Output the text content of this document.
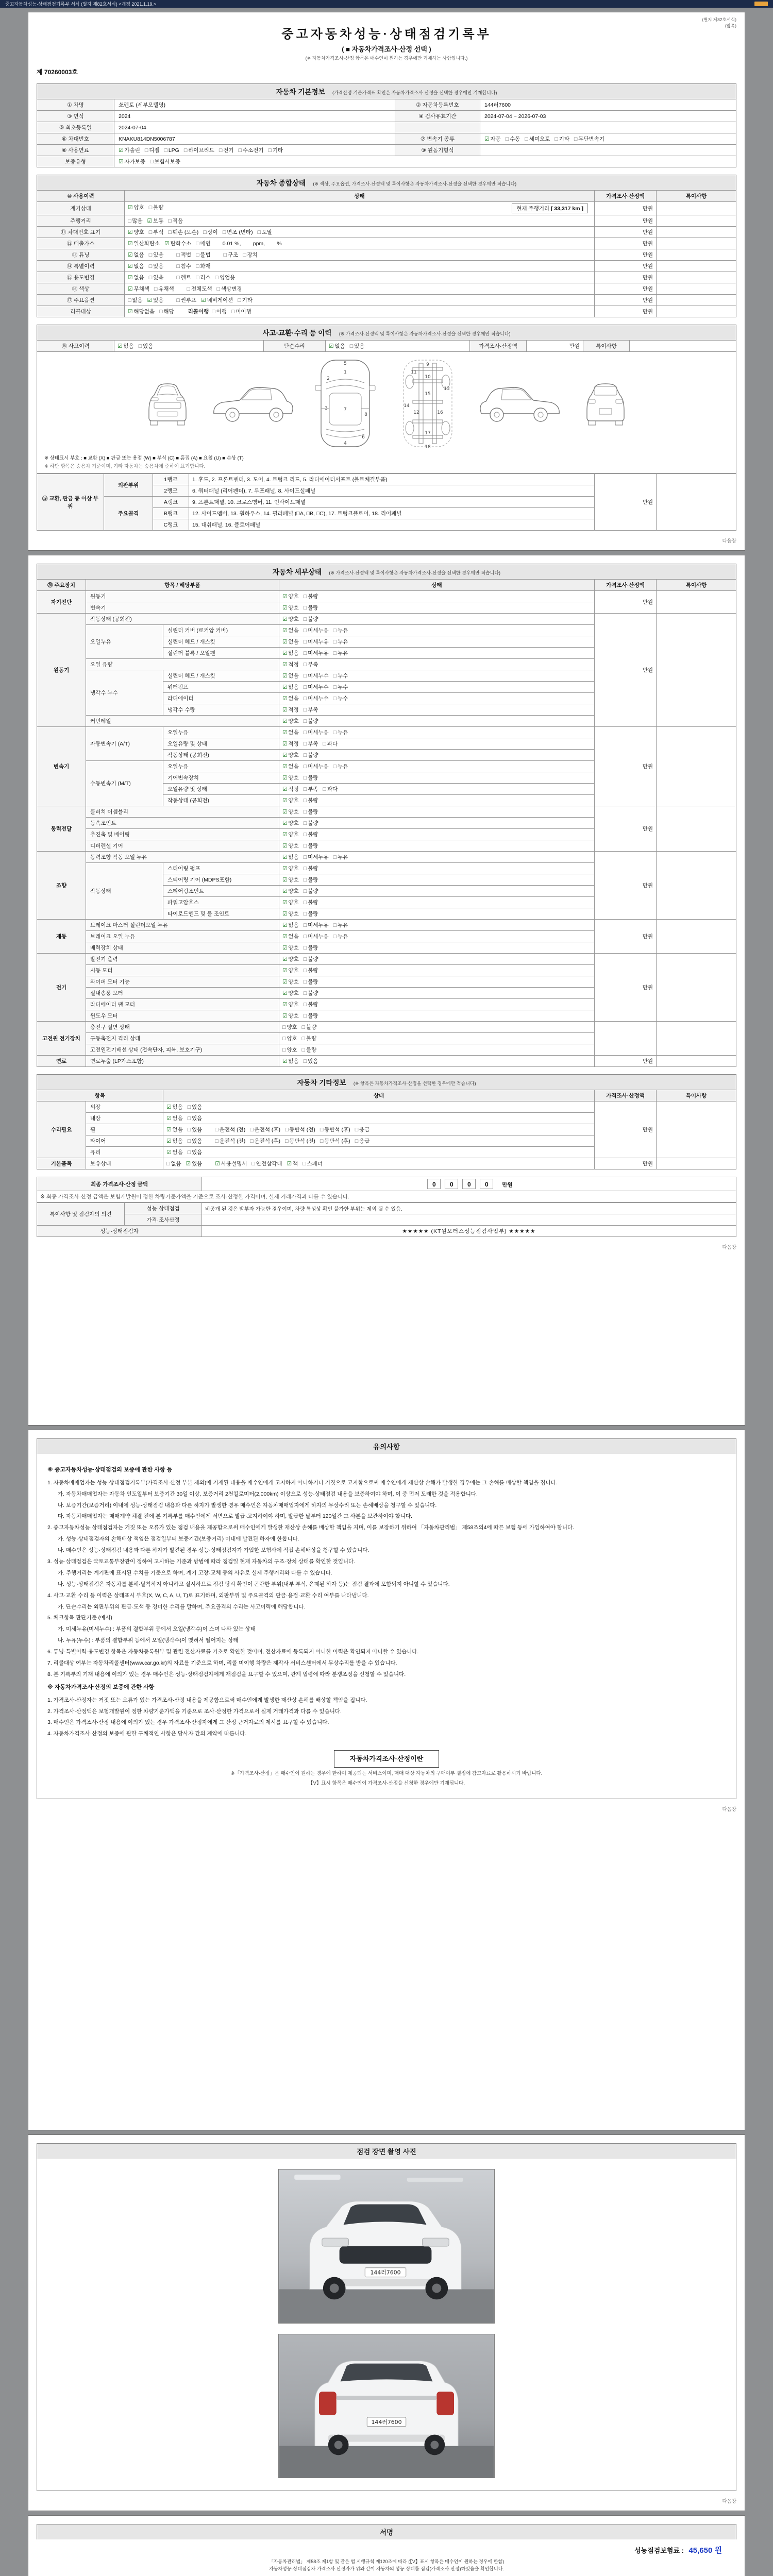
중고자동차성능·상태점검기록부 서식 (별지 제82호서식) <개정 2021.1.19.>
(별지 제82호서식)
(앞쪽)
중고자동차성능·상태점검기록부
( ■ 자동차가격조사·산정 선택 )
(※ 자동차가격조사·산정 항목은 매수인이 원하는 경우에만 기재하는 사항입니다.)
제 70260003호
자동차 기본정보 (가격산정 기준가격표 확인은 자동차가격조사·산정을 선택한 경우에만 기재합니다)
① 차명	쏘렌토 (세부모델명)	② 자동차등록번호	144러7600
③ 연식	2024	④ 검사유효기간	2024-07-04 ~ 2026-07-03
⑤ 최초등록일	2024-07-04		
⑥ 차대번호	KNAKU814DN5006787	⑦ 변속기 종류	☑ 자동 □ 수동 □ 세미오토 □ 기타 □ 무단변속기
⑧ 사용연료	☑ 가솔린 □ 디젤 □ LPG □ 하이브리드 □ 전기 □ 수소전기 □ 기타	⑨ 원동기형식	
보증유형	☑ 자가보증 □ 보험사보증		
자동차 종합상태 (※ 색상, 주요옵션, 가격조사·산정액 및 특이사항은 자동차가격조사·산정을 선택한 경우에만 적습니다)
⑩ 사용이력	상태	가격조사·산정액	특이사항
계기상태	☑ 양호 □ 불량 현재 주행거리 [ 33,317 km ]	만원	
주행거리	□ 많음 ☑ 보통 □ 적음	만원	
⑪ 차대번호 표기	☑ 양호 □ 부식 □ 훼손 (오손) □ 상이 □ 변조 (변타) □ 도말	만원	
⑫ 배출가스	☑ 일산화탄소 ☑ 탄화수소 □ 매연 0.01 %,        ppm,        %	만원	
⑬ 튜닝	☑ 없음 □ 있음 □ 적법 □ 불법 □ 구조 □ 장치	만원	
⑭ 특별이력	☑ 없음 □ 있음 □ 침수 □ 화재	만원	
⑮ 용도변경	☑ 없음 □ 있음 □ 렌트 □ 리스 □ 영업용	만원	
⑯ 색상	☑ 무채색 □ 유채색 □ 전체도색 □ 색상변경	만원	
⑰ 주요옵션	□ 없음 ☑ 있음 □ 썬루프 ☑ 네비게이션 □ 기타	만원	
리콜대상	☑ 해당없음 □ 해당 리콜이행 □ 이행 □ 미이행	만원	
사고·교환·수리 등 이력 (※ 가격조사·산정액 및 특이사항은 자동차가격조사·산정을 선택한 경우에만 적습니다)
⑱ 사고이력	☑ 없음 □ 있음	단순수리	☑ 없음 □ 있음	가격조사·산정액	만원	특이사항	
1
2
3
4
5
6
7
8
9
10
11
12
13
14
15
16
17
18
※ 상태표시 부호 : ■ 교환 (X) ■ 판금 또는 용접 (W) ■ 부식 (C) ■ 흠집 (A) ■ 요철 (U) ■ 손상 (T)
※ 하단 항목은 승용차 기준이며, 기타 자동차는 승용차에 준하여 표기합니다.
⑲ 교환, 판금 등 이상 부위	외판부위	1랭크	1. 후드, 2. 프론트펜더, 3. 도어, 4. 트렁크 리드, 5. 라디에이터서포트 (볼트체결부품)	만원	
		2랭크	6. 쿼터패널 (리어펜더), 7. 루프패널, 8. 사이드실패널		
	주요골격	A랭크	9. 프론트패널, 10. 크로스멤버, 11. 인사이드패널		
		B랭크	12. 사이드멤버, 13. 휠하우스, 14. 필러패널 (□A, □B, □C), 17. 트렁크플로어, 18. 리어패널		
		C랭크	15. 대쉬패널, 16. 플로어패널		
다음장
자동차 세부상태 (※ 가격조사·산정액 및 특이사항은 자동차가격조사·산정을 선택한 경우에만 적습니다)
⑳ 주요장치	항목 / 해당부품		상태	가격조사·산정액	특이사항
자기진단	원동기		☑ 양호 □ 불량	만원	
	변속기		☑ 양호 □ 불량		
원동기	작동상태 (공회전)		☑ 양호 □ 불량	만원	
	오일누유	실린더 커버 (로커암 커버)	☑ 없음 □ 미세누유 □ 누유		
		실린더 헤드 / 개스킷	☑ 없음 □ 미세누유 □ 누유		
		실린더 블록 / 오일팬	☑ 없음 □ 미세누유 □ 누유		
	오일 유량		☑ 적정 □ 부족		
	냉각수 누수	실린더 헤드 / 개스킷	☑ 없음 □ 미세누수 □ 누수		
		워터펌프	☑ 없음 □ 미세누수 □ 누수		
		라디에이터	☑ 없음 □ 미세누수 □ 누수		
		냉각수 수량	☑ 적정 □ 부족		
	커먼레일		☑ 양호 □ 불량		
변속기	자동변속기 (A/T)	오일누유	☑ 없음 □ 미세누유 □ 누유	만원	
		오일유량 및 상태	☑ 적정 □ 부족 □ 과다		
		작동상태 (공회전)	☑ 양호 □ 불량		
	수동변속기 (M/T)	오일누유	☑ 없음 □ 미세누유 □ 누유		
		기어변속장치	☑ 양호 □ 불량		
		오일유량 및 상태	☑ 적정 □ 부족 □ 과다		
		작동상태 (공회전)	☑ 양호 □ 불량		
동력전달	클러치 어셈블리		☑ 양호 □ 불량	만원	
	등속조인트		☑ 양호 □ 불량		
	추진축 및 베어링		☑ 양호 □ 불량		
	디퍼렌셜 기어		☑ 양호 □ 불량		
조향	동력조향 작동 오일 누유		☑ 없음 □ 미세누유 □ 누유	만원	
	작동상태	스티어링 펌프	☑ 양호 □ 불량		
		스티어링 기어 (MDPS포함)	☑ 양호 □ 불량		
		스티어링조인트	☑ 양호 □ 불량		
		파워고압호스	☑ 양호 □ 불량		
		타이로드엔드 및 볼 조인트	☑ 양호 □ 불량		
제동	브레이크 마스터 실린더오일 누유		☑ 없음 □ 미세누유 □ 누유	만원	
	브레이크 오일 누유		☑ 없음 □ 미세누유 □ 누유		
	배력장치 상태		☑ 양호 □ 불량		
전기	발전기 출력		☑ 양호 □ 불량	만원	
	시동 모터		☑ 양호 □ 불량		
	와이퍼 모터 기능		☑ 양호 □ 불량		
	실내송풍 모터		☑ 양호 □ 불량		
	라디에이터 팬 모터		☑ 양호 □ 불량		
	윈도우 모터		☑ 양호 □ 불량		
고전원 전기장치	충전구 절연 상태		□ 양호 □ 불량		
	구동축전지 격리 상태		□ 양호 □ 불량		
	고전원전기배선 상태 (접속단자, 피복, 보호기구)		□ 양호 □ 불량		
연료	연료누출 (LP가스포함)		☑ 없음 □ 있음	만원	
자동차 기타정보 (※ 항목은 자동차가격조사·산정을 선택한 경우에만 적습니다)
항목		상태	가격조사·산정액	특이사항
수리필요	외장	☑ 없음 □ 있음	만원	
	내장	☑ 없음 □ 있음		
	휠	☑ 없음 □ 있음 □ 운전석 (전) □ 운전석 (후) □ 동반석 (전) □ 동반석 (후) □ 응급		
	타이어	☑ 없음 □ 있음 □ 운전석 (전) □ 운전석 (후) □ 동반석 (전) □ 동반석 (후) □ 응급		
	유리	☑ 없음 □ 있음		
기본품목	보유상태	□ 없음 ☑ 있음 ☑ 사용설명서 □ 안전삼각대 ☑ 잭 □ 스패너	만원	
최종 가격조사·산정 금액	0 0 0 0	만원
※ 최종 가격조사·산정 금액은 보험개발원이 정한 차량기준가액을 기준으로 조사·산정한 가격이며, 실제 거래가격과 다를 수 있습니다.
특이사항 및 점검자의 의견	성능·상태점검	비공개 된 것은 발부자 가능한 경우이며, 차량 특성상 확인 불가한 부위는 제외 될 수 있음.
	가격·조사산정	
성능·상태점검자		★★★★★ (KT원모터스성능점검사업부) ★★★★★
다음장
유의사항

※ 중고자동차성능·상태점검의 보증에 관한 사항 등

1. 자동차매매업자는 성능·상태점검기록부(가격조사·산정 부분 제외)에 기재된 내용을 매수인에게 고지하지 아니하거나 거짓으로 고지함으로써 매수인에게 재산상 손해가 발생한 경우에는 그 손해를 배상할 책임을 집니다.

가. 자동차매매업자는 자동차 인도일부터 보증기간 30일 이상, 보증거리 2천킬로미터(2,000km) 이상으로 성능·상태점검 내용을 보증하여야 하며, 이 중 먼저 도래한 것을 적용합니다.

나. 보증기간(보증거리) 이내에 성능·상태점검 내용과 다른 하자가 발생한 경우 매수인은 자동차매매업자에게 하자의 무상수리 또는 손해배상을 청구할 수 있습니다.

다. 자동차매매업자는 매매계약 체결 전에 본 기록부를 매수인에게 서면으로 발급·고지하여야 하며, 발급한 날부터 120일간 그 사본을 보관하여야 합니다.

2. 중고자동차성능·상태점검자는 거짓 또는 오류가 있는 점검 내용을 제공함으로써 매수인에게 발생한 재산상 손해를 배상할 책임을 지며, 이를 보장하기 위하여 「자동차관리법」 제58조의4에 따른 보험 등에 가입하여야 합니다.

가. 성능·상태점검자의 손해배상 책임은 점검일부터 보증기간(보증거리) 이내에 발견된 하자에 한합니다.

나. 매수인은 성능·상태점검 내용과 다른 하자가 발견된 경우 성능·상태점검자가 가입한 보험사에 직접 손해배상을 청구할 수 있습니다.

3. 성능·상태점검은 국토교통부장관이 정하여 고시하는 기준과 방법에 따라 점검일 현재 자동차의 구조·장치 상태를 확인한 것입니다.

가. 주행거리는 계기판에 표시된 수치를 기준으로 하며, 계기 고장·교체 등의 사유로 실제 주행거리와 다를 수 있습니다.

나. 성능·상태점검은 자동차를 분해·탈착하지 아니하고 실시하므로 점검 당시 확인이 곤란한 부위(내부 부식, 은폐된 하자 등)는 점검 결과에 포함되지 아니할 수 있습니다.

4. 사고·교환·수리 등 이력은 상태표시 부호(X, W, C, A, U, T)로 표기하며, 외판부위 및 주요골격의 판금·용접·교환 수리 여부를 나타냅니다.

가. 단순수리는 외판부위의 판금·도색 등 경미한 수리를 말하며, 주요골격의 수리는 사고이력에 해당합니다.

5. 체크항목 판단기준 (예시)

가. 미세누유(미세누수) : 부품의 결합부위 등에서 오일(냉각수)이 스며 나와 있는 상태

나. 누유(누수) : 부품의 결합부위 등에서 오일(냉각수)이 맺혀서 떨어지는 상태

6. 튜닝·특별이력·용도변경 항목은 자동차등록원부 및 관련 전산자료를 기초로 확인한 것이며, 전산자료에 등록되지 아니한 이력은 확인되지 아니할 수 있습니다.

7. 리콜대상 여부는 자동차리콜센터(www.car.go.kr)의 자료를 기준으로 하며, 리콜 미이행 차량은 제작사 서비스센터에서 무상수리를 받을 수 있습니다.

8. 본 기록부의 기재 내용에 이의가 있는 경우 매수인은 성능·상태점검자에게 재점검을 요구할 수 있으며, 관계 법령에 따라 분쟁조정을 신청할 수 있습니다.

※ 자동차가격조사·산정의 보증에 관한 사항

1. 가격조사·산정자는 거짓 또는 오류가 있는 가격조사·산정 내용을 제공함으로써 매수인에게 발생한 재산상 손해를 배상할 책임을 집니다.

2. 가격조사·산정액은 보험개발원이 정한 차량기준가액을 기준으로 조사·산정한 가격으로서 실제 거래가격과 다를 수 있습니다.

3. 매수인은 가격조사·산정 내용에 이의가 있는 경우 가격조사·산정자에게 그 산정 근거자료의 제시를 요구할 수 있습니다.

4. 자동차가격조사·산정의 보증에 관한 구체적인 사항은 당사자 간의 계약에 따릅니다.

자동차가격조사·산정이란

※「가격조사·산정」은 매수인이 원하는 경우에 한하여 제공되는 서비스이며, 매매 대상 자동차의 구매여부 결정에 참고자료로 활용하시기 바랍니다.

【V】표시 항목은 매수인이 가격조사·산정을 신청한 경우에만 기재됩니다.

다음장
점검 장면 촬영 사진
144러7600
144러7600
다음장
서명
성능점검보험료 : 45,650 원
「자동차관리법」 제58조 제1항 및 같은 법 시행규칙 제120조에 따라 (【V】표시 항목은 매수인이 원하는 경우에 한함)
자동차성능·상태점검자·가격조사·산정자가 위와 같이 자동차의 성능·상태를 점검(가격조사·산정)하였음을 확인합니다.
